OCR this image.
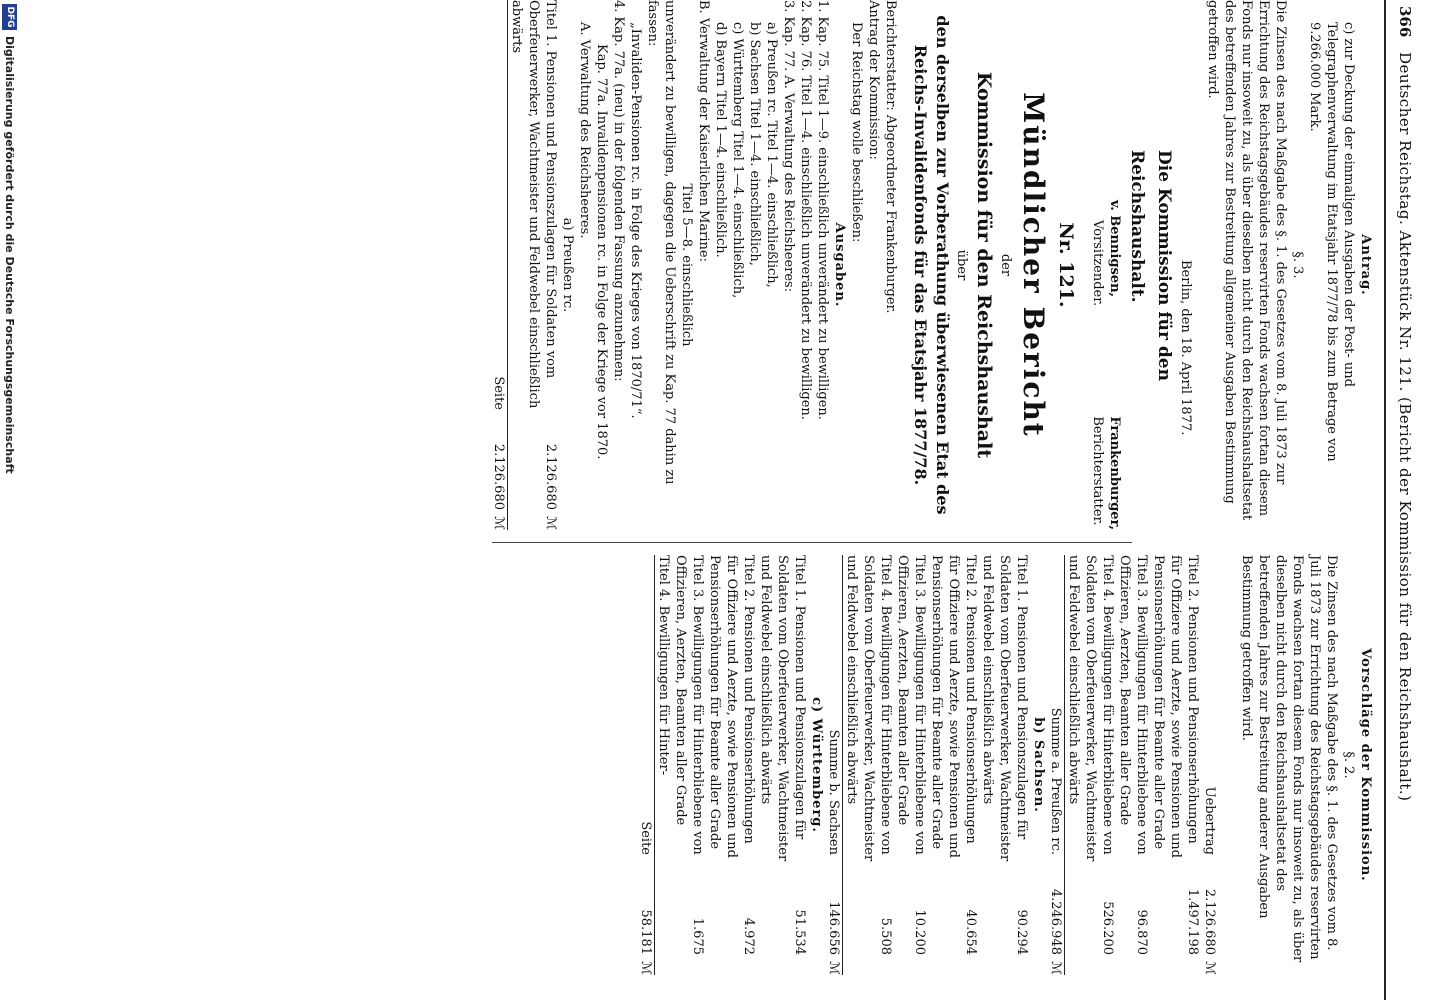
366
Deutscher Reichstag. Aktenstück Nr. 121. (Bericht der Kommission für den Reichshaushalt.)

Antrag.

c) zur Deckung der einmaligen Ausgaben der Post- und Telegraphenverwaltung im Etatsjahr 1877/78 bis zum Betrage von 9.266.000 Mark.

§. 3.

Die Zinsen des nach Maßgabe des §. 1. des Gesetzes vom 8. Juli 1873 zur Errichtung des Reichstagsgebäudes reservirten Fonds wachsen fortan diesem Fonds nur insoweit zu, als über dieselben nicht durch den Reichshaushaltsetat des betreffenden Jahres zur Bestreitung allgemeiner Ausgaben Bestimmung getroffen wird.

Berlin, den 18. April 1877.

Die Kommission für den Reichshaushalt.

v. Bennigsen,
Vorsitzender.
Frankenburger,
Berichterstatter.

Nr. 121.

Mündlicher Bericht

der

Kommission für den Reichshaushalt

über

den derselben zur Vorberathung überwiesenen Etat des Reichs-Invalidenfonds für das Etatsjahr 1877/78.

Berichterstatter: Abgeordneter Frankenburger.

Antrag der Kommission:

Der Reichstag wolle beschließen:

Ausgaben.

1. Kap. 75. Titel 1—9. einschließlich unverändert zu bewilligen.

2. Kap. 76. Titel 1—4. einschließlich unverändert zu bewilligen.

3. Kap. 77. A. Verwaltung des Reichsheeres:

a) Preußen rc. Titel 1—4. einschließlich,

b) Sachsen Titel 1—4. einschließlich,

c) Württemberg Titel 1—4. einschließlich,

d) Bayern Titel 1—4. einschließlich.

B. Verwaltung der Kaiserlichen Marine:

Titel 5—8. einschließlich

unverändert zu bewilligen, dagegen die Ueberschrift zu Kap. 77 dahin zu fassen:

„Invaliden-Pensionen rc. in Folge des Krieges von 1870/71“.

4. Kap. 77a. (neu) in der folgenden Fassung anzunehmen:

Kap. 77a. Invalidenpensionen rc. in Folge der Kriege vor 1870.

A. Verwaltung des Reichsheeres.

a) Preußen rc.

Titel 1. Pensionen und Pensionszulagen für Soldaten vom Oberfeuerwerker, Wachtmeister und Feldwebel einschließlich abwärts
2.126.680
ℳ
Seite
2.126.680
ℳ

Vorschläge der Kommission.

§. 2.

Die Zinsen des nach Maßgabe des §. 1. des Gesetzes vom 8. Juli 1873 zur Errichtung des Reichstagsgebäudes reservirten Fonds wachsen fortan diesem Fonds nur insoweit zu, als über dieselben nicht durch den Reichshaushaltsetat des betreffenden Jahres zur Bestreitung anderer Ausgaben Bestimmung getroffen wird.

Uebertrag
2.126.680
ℳ
Titel 2. Pensionen und Pensionserhöhungen für Offiziere und Aerzte, sowie Pensionen und Pensionserhöhungen für Beamte aller Grade
1.497.198
Titel 3. Bewilligungen für Hinterbliebene von Offizieren, Aerzten, Beamten aller Grade
96.870
Titel 4. Bewilligungen für Hinterbliebene von Soldaten vom Oberfeuerwerker, Wachtmeister und Feldwebel einschließlich abwärts
526.200
Summe a. Preußen rc.
4.246.948
ℳ

b) Sachsen.

Titel 1. Pensionen und Pensionszulagen für Soldaten vom Oberfeuerwerker, Wachtmeister und Feldwebel einschließlich abwärts
90.294
Titel 2. Pensionen und Pensionserhöhungen für Offiziere und Aerzte, sowie Pensionen und Pensionserhöhungen für Beamte aller Grade
40.654
Titel 3. Bewilligungen für Hinterbliebene von Offizieren, Aerzten, Beamten aller Grade
10.200
Titel 4. Bewilligungen für Hinterbliebene von Soldaten vom Oberfeuerwerker, Wachtmeister und Feldwebel einschließlich abwärts
5.508
Summe b. Sachsen
146.656
ℳ

c) Württemberg.

Titel 1. Pensionen und Pensionszulagen für Soldaten vom Oberfeuerwerker, Wachtmeister und Feldwebel einschließlich abwärts
51.534
Titel 2. Pensionen und Pensionserhöhungen für Offiziere und Aerzte, sowie Pensionen und Pensionserhöhungen für Beamte aller Grade
4.972
Titel 3. Bewilligungen für Hinterbliebene von Offizieren, Aerzten, Beamten aller Grade
1.675
Titel 4. Bewilligungen für Hinter-
Seite
58.181
ℳ
DFG
Digitalisierung gefördert durch die Deutsche Forschungsgemeinschaft
